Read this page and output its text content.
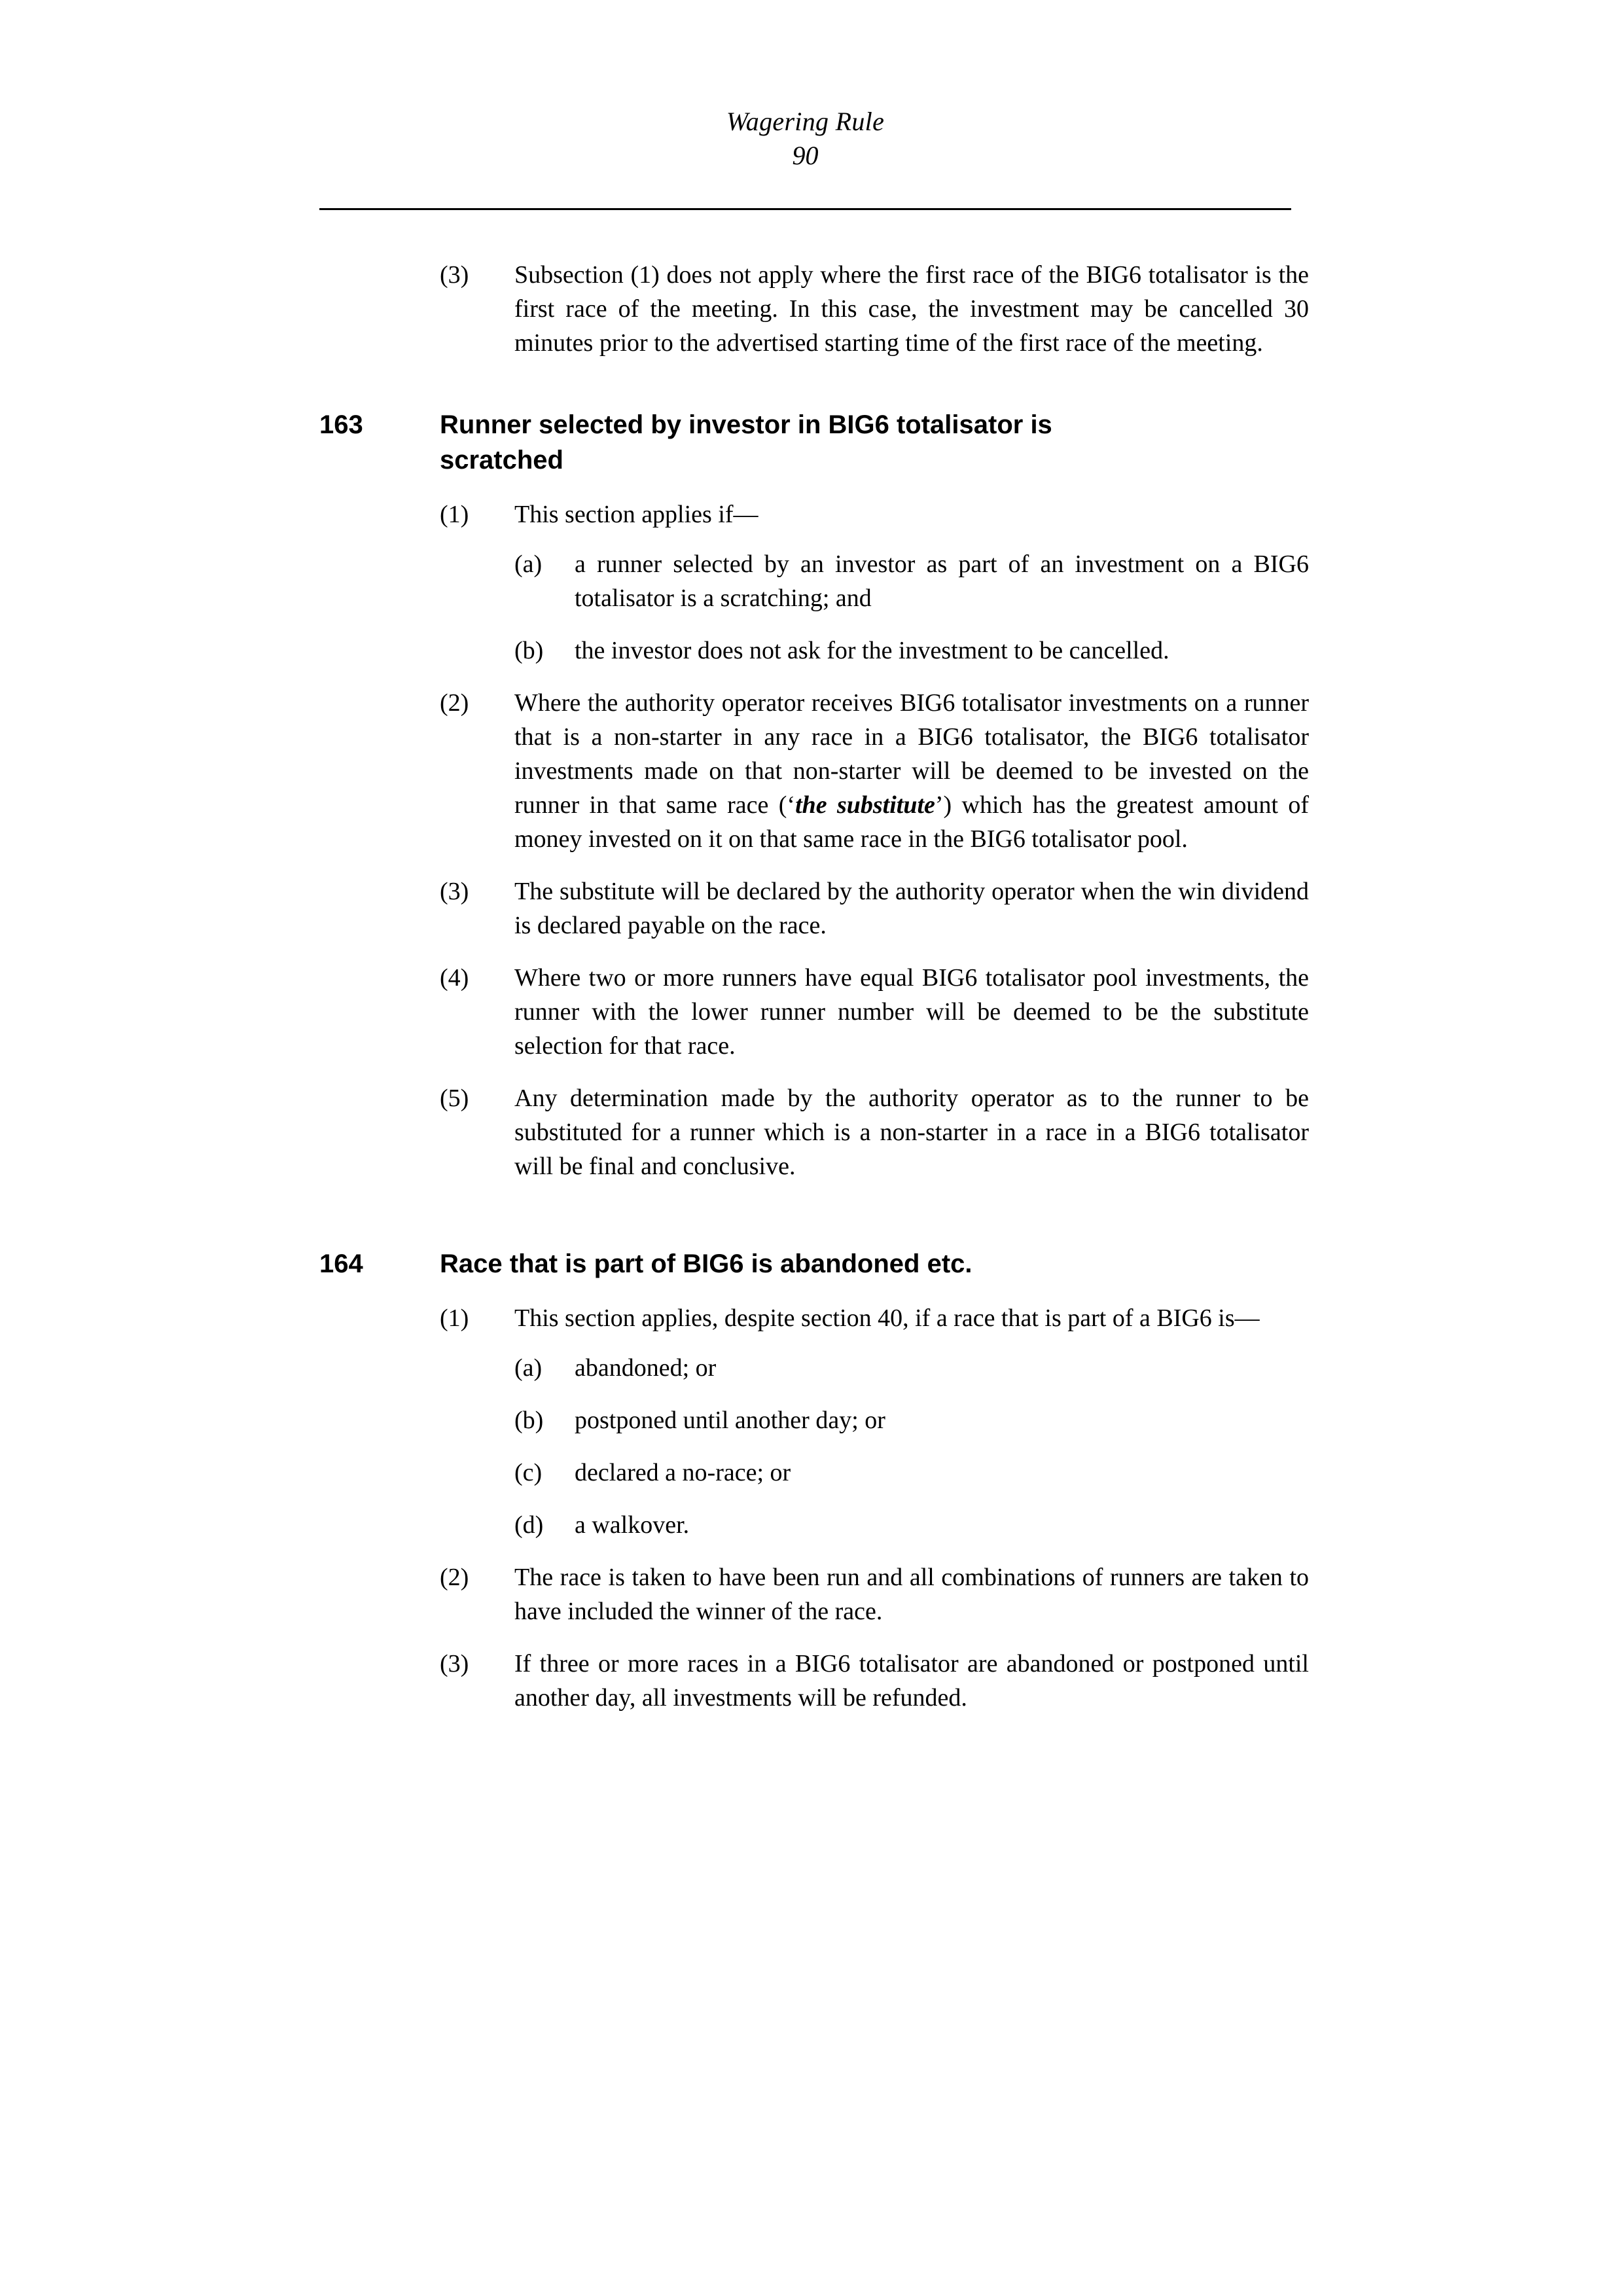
Wagering Rule
90
(3)	Subsection (1) does not apply where the first race of the BIG6 totalisator is the first race of the meeting. In this case, the investment may be cancelled 30 minutes prior to the advertised starting time of the first race of the meeting.
163	Runner selected by investor in BIG6 totalisator is scratched
(1)	This section applies if—
(a)	a runner selected by an investor as part of an investment on a BIG6 totalisator is a scratching; and
(b)	the investor does not ask for the investment to be cancelled.
(2)	Where the authority operator receives BIG6 totalisator investments on a runner that is a non-starter in any race in a BIG6 totalisator, the BIG6 totalisator investments made on that non-starter will be deemed to be invested on the runner in that same race (‘the substitute’) which has the greatest amount of money invested on it on that same race in the BIG6 totalisator pool.
(3)	The substitute will be declared by the authority operator when the win dividend is declared payable on the race.
(4)	Where two or more runners have equal BIG6 totalisator pool investments, the runner with the lower runner number will be deemed to be the substitute selection for that race.
(5)	Any determination made by the authority operator as to the runner to be substituted for a runner which is a non-starter in a race in a BIG6 totalisator will be final and conclusive.
164	Race that is part of BIG6 is abandoned etc.
(1)	This section applies, despite section 40, if a race that is part of a BIG6 is—
(a)	abandoned; or
(b)	postponed until another day; or
(c)	declared a no-race; or
(d)	a walkover.
(2)	The race is taken to have been run and all combinations of runners are taken to have included the winner of the race.
(3)	If three or more races in a BIG6 totalisator are abandoned or postponed until another day, all investments will be refunded.
